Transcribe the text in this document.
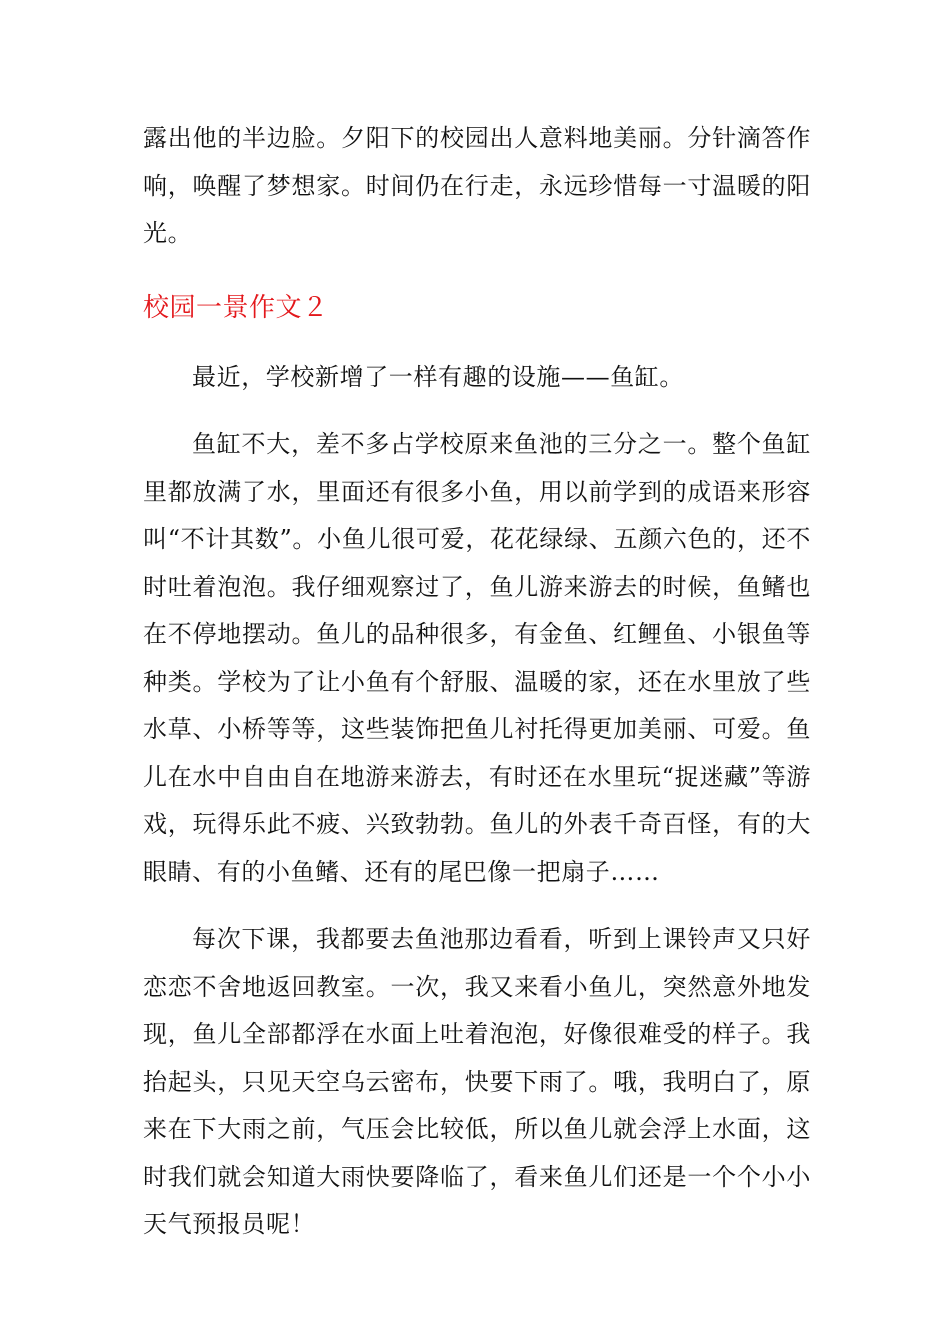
露出他的半边脸。夕阳下的校园出人意料地美丽。分针滴答作响，唤醒了梦想家。时间仍在行走，永远珍惜每一寸温暖的阳光。

校园一景作文２

最近，学校新增了一样有趣的设施——鱼缸。

鱼缸不大，差不多占学校原来鱼池的三分之一。整个鱼缸里都放满了水，里面还有很多小鱼，用以前学到的成语来形容叫“不计其数”。小鱼儿很可爱，花花绿绿、五颜六色的，还不时吐着泡泡。我仔细观察过了，鱼儿游来游去的时候，鱼鳍也在不停地摆动。鱼儿的品种很多，有金鱼、红鲤鱼、小银鱼等种类。学校为了让小鱼有个舒服、温暖的家，还在水里放了些水草、小桥等等，这些装饰把鱼儿衬托得更加美丽、可爱。鱼儿在水中自由自在地游来游去，有时还在水里玩“捉迷藏”等游戏，玩得乐此不疲、兴致勃勃。鱼儿的外表千奇百怪，有的大眼睛、有的小鱼鳍、还有的尾巴像一把扇子……

每次下课，我都要去鱼池那边看看，听到上课铃声又只好恋恋不舍地返回教室。一次，我又来看小鱼儿，突然意外地发现，鱼儿全部都浮在水面上吐着泡泡，好像很难受的样子。我抬起头，只见天空乌云密布，快要下雨了。哦，我明白了，原来在下大雨之前，气压会比较低，所以鱼儿就会浮上水面，这时我们就会知道大雨快要降临了，看来鱼儿们还是一个个小小天气预报员呢！
